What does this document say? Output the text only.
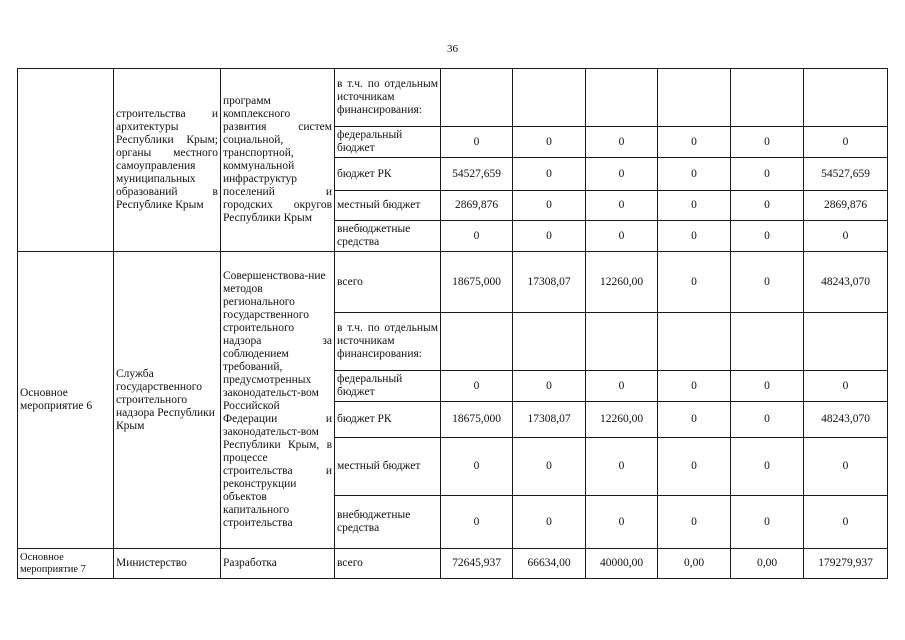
36
	строительства и архитектуры Республики Крым; органы местного самоуправления муниципальных образований в Республике Крым	программ комплексного развития систем социальной, транспортной, коммунальной инфраструктур поселений и городских округов Республики Крым	в т.ч. по отдельным источникам финансирования:						
			федеральный бюджет	0	0	0	0	0	0
			бюджет РК	54527,659	0	0	0	0	54527,659
			местный бюджет	2869,876	0	0	0	0	2869,876
			внебюджетные средства	0	0	0	0	0	0
Основное мероприятие 6	Служба государственного строительного надзора Республики Крым	Совершенствова-ние методов регионального государственного строительного надзора за соблюдением требований, предусмотренных законодательст-вом Российской Федерации и законодательст-вом Республики Крым, в процессе строительства и реконструкции объектов капитального строительства	всего	18675,000	17308,07	12260,00	0	0	48243,070
			в т.ч. по отдельным источникам финансирования:						
			федеральный бюджет	0	0	0	0	0	0
			бюджет РК	18675,000	17308,07	12260,00	0	0	48243,070
			местный бюджет	0	0	0	0	0	0
			внебюджетные средства	0	0	0	0	0	0
Основное мероприятие 7	Министерство	Разработка	всего	72645,937	66634,00	40000,00	0,00	0,00	179279,937
